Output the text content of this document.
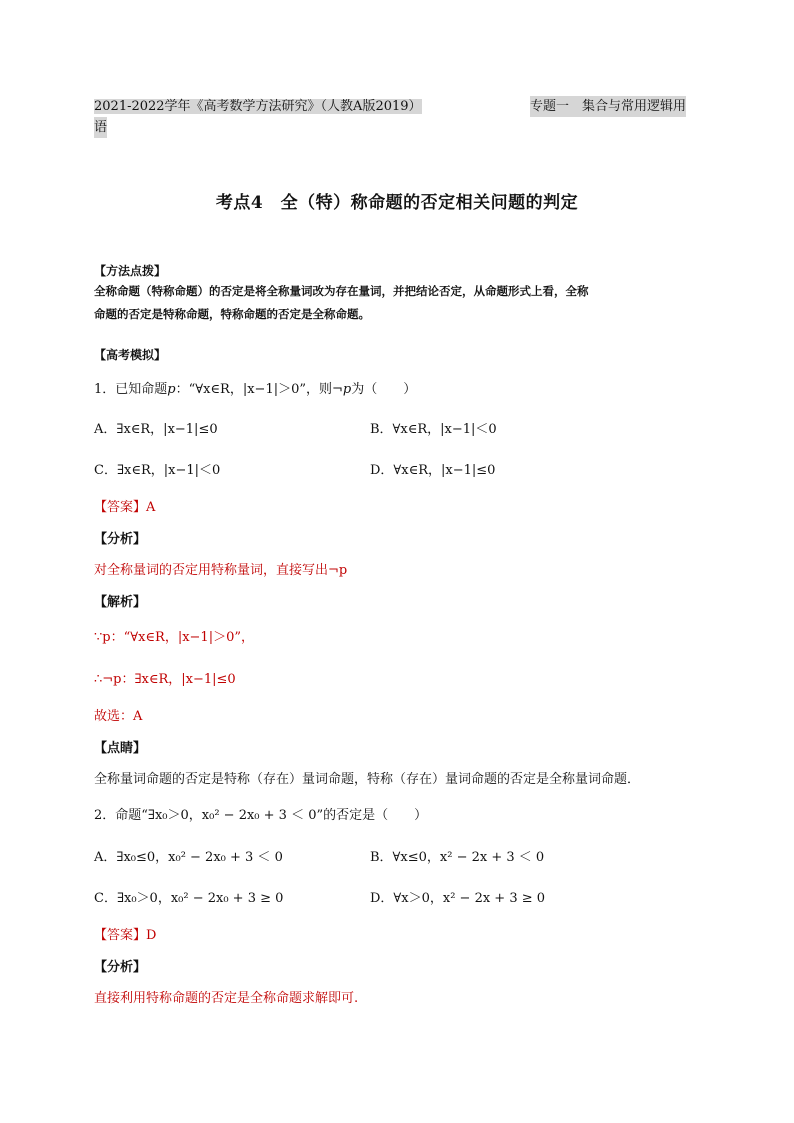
2021-2022学年《高考数学方法研究》（人教A版2019）	专题一　集合与常用逻辑用
语
考点4　全（特）称命题的否定相关问题的判定
【方法点拨】
全称命题（特称命题）的否定是将全称量词改为存在量词，并把结论否定，从命题形式上看，全称
命题的否定是特称命题，特称命题的否定是全称命题。
【高考模拟】
1．已知命题p：“∀x∈R，|x−1|＞0”，则¬p为（　　）
A．∃x∈R，|x−1|≤0	B．∀x∈R，|x−1|＜0
C．∃x∈R，|x−1|＜0	D．∀x∈R，|x−1|≤0
【答案】A
【分析】
对全称量词的否定用特称量词，直接写出¬p
【解析】
∵p：“∀x∈R，|x−1|＞0”，
∴¬p：∃x∈R，|x−1|≤0
故选：A
【点睛】
全称量词命题的否定是特称（存在）量词命题，特称（存在）量词命题的否定是全称量词命题．
2．命题“∃x₀＞0，x₀² − 2x₀ + 3 ＜ 0”的否定是（　　）
A．∃x₀≤0，x₀² − 2x₀ + 3 ＜ 0	B．∀x≤0，x² − 2x + 3 ＜ 0
C．∃x₀＞0，x₀² − 2x₀ + 3 ≥ 0	D．∀x＞0，x² − 2x + 3 ≥ 0
【答案】D
【分析】
直接利用特称命题的否定是全称命题求解即可.
